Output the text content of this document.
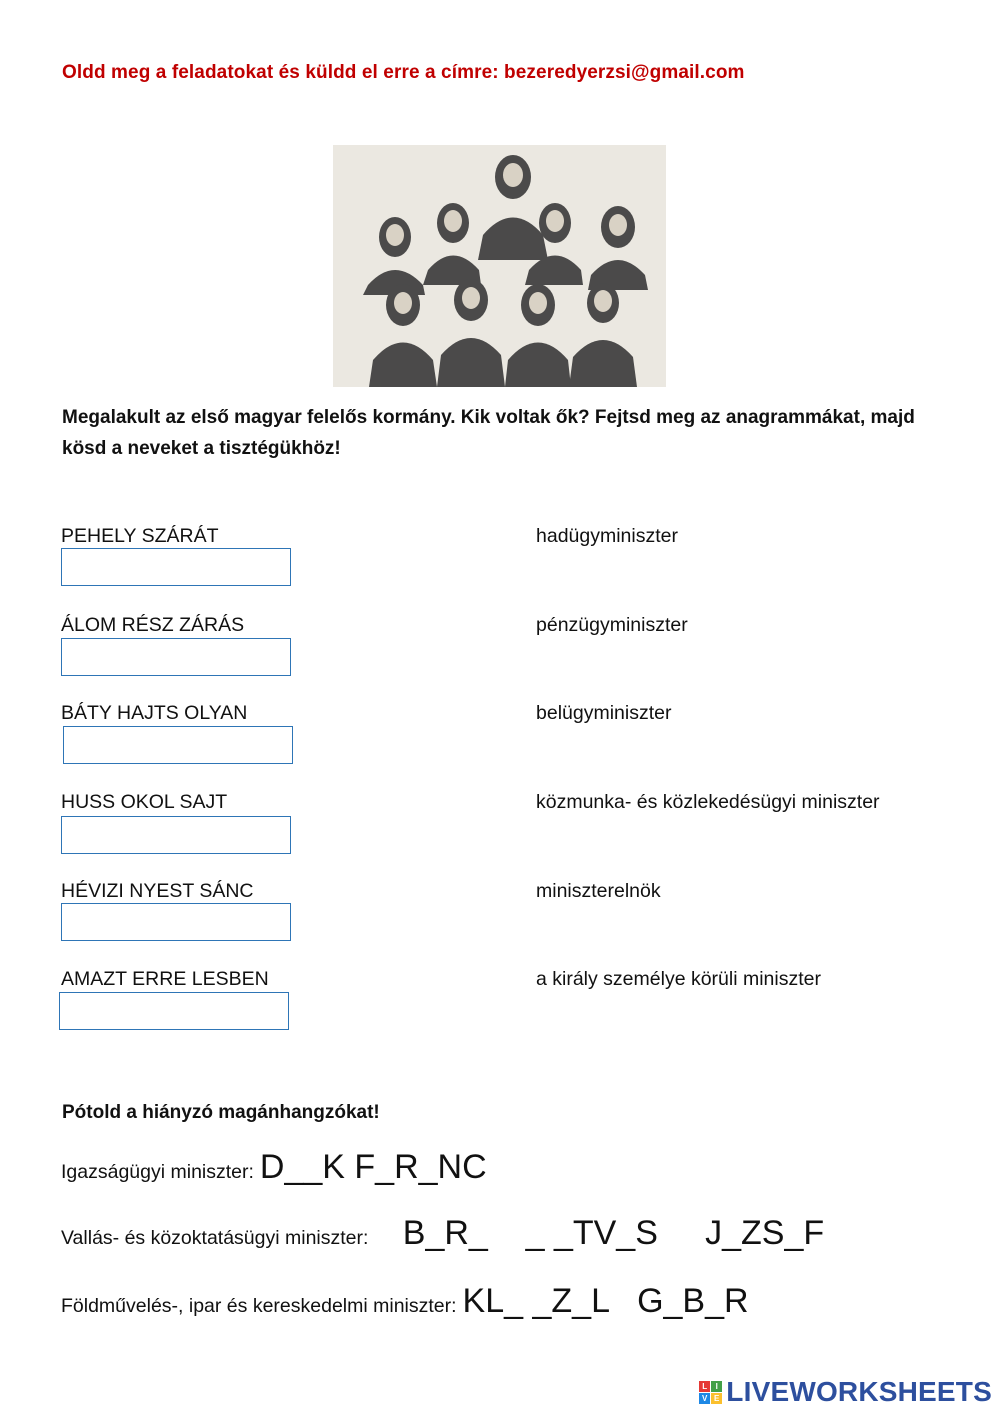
Oldd meg a feladatokat és küldd el erre a címre: bezeredyerzsi@gmail.com
Megalakult az első magyar felelős kormány. Kik voltak ők? Fejtsd meg az anagrammákat, majd kösd a neveket a tisztégükhöz!
PEHELY SZÁRÁT	hadügyminiszter
ÁLOM RÉSZ ZÁRÁS	pénzügyminiszter
BÁTY HAJTS OLYAN	belügyminiszter
HUSS OKOL SAJT	közmunka- és közlekedésügyi miniszter
HÉVIZI NYEST SÁNC	miniszterelnök
AMAZT ERRE LESBEN	a király személye körüli miniszter
Pótold a hiányzó magánhangzókat!
Igazságügyi miniszter: D__K F_R_NC
Vallás- és közoktatásügyi miniszter: B_R_    _ _TV_S     J_ZS_F
Földművelés-, ipar és kereskedelmi miniszter: KL_ _Z_L   G_B_R
L	I
V E LIVEWORKSHEETS
